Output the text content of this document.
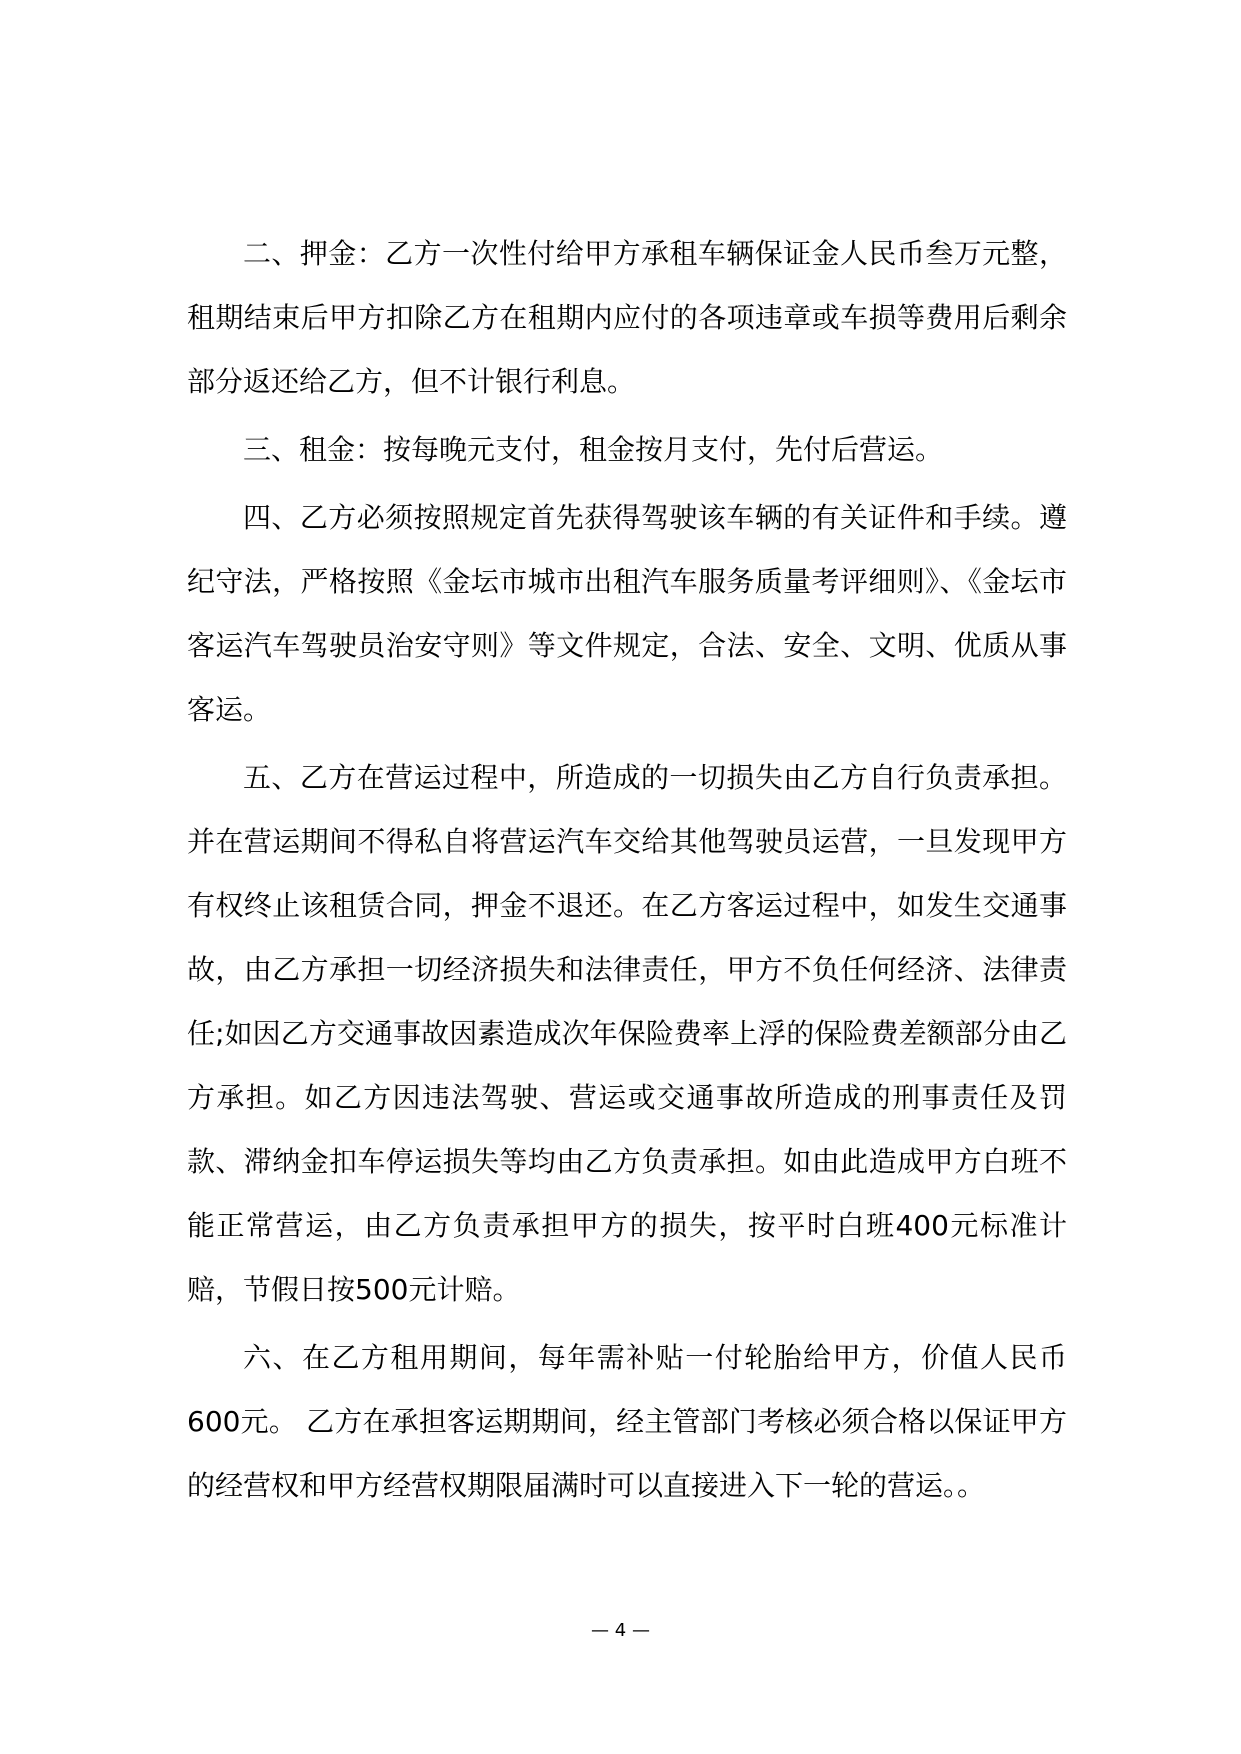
二、押金：乙方一次性付给甲方承租车辆保证金人民币叁万元整，租期结束后甲方扣除乙方在租期内应付的各项违章或车损等费用后剩余部分返还给乙方，但不计银行利息。

三、租金：按每晚元支付，租金按月支付，先付后营运。

四、乙方必须按照规定首先获得驾驶该车辆的有关证件和手续。遵纪守法，严格按照《金坛市城市出租汽车服务质量考评细则》、《金坛市客运汽车驾驶员治安守则》等文件规定，合法、安全、文明、优质从事客运。

五、乙方在营运过程中，所造成的一切损失由乙方自行负责承担。并在营运期间不得私自将营运汽车交给其他驾驶员运营，一旦发现甲方有权终止该租赁合同，押金不退还。在乙方客运过程中，如发生交通事故，由乙方承担一切经济损失和法律责任，甲方不负任何经济、法律责任;如因乙方交通事故因素造成次年保险费率上浮的保险费差额部分由乙方承担。如乙方因违法驾驶、营运或交通事故所造成的刑事责任及罚款、滞纳金扣车停运损失等均由乙方负责承担。如由此造成甲方白班不能正常营运，由乙方负责承担甲方的损失，按平时白班400元标准计赔，节假日按500元计赔。

六、在乙方租用期间，每年需补贴一付轮胎给甲方，价值人民币600元。 乙方在承担客运期期间，经主管部门考核必须合格以保证甲方的经营权和甲方经营权期限届满时可以直接进入下一轮的营运。。

— 4 —
